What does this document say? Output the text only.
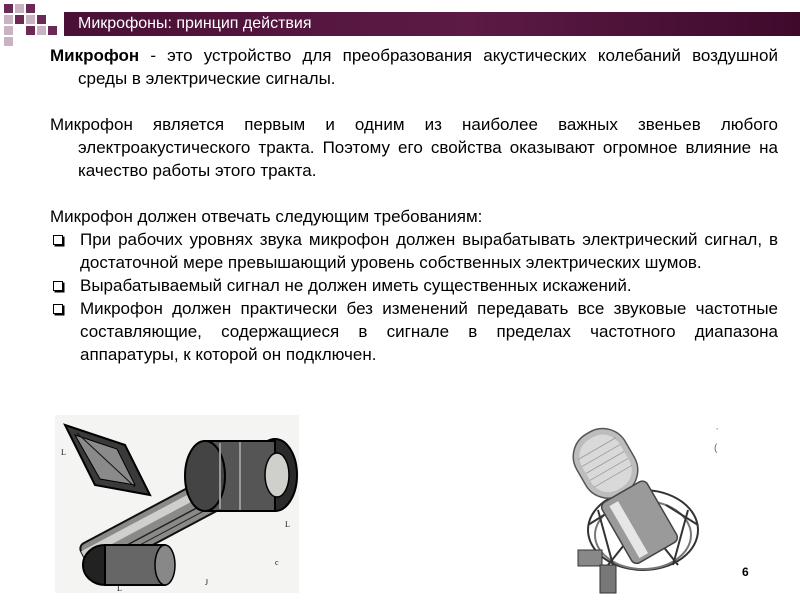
Микрофоны: принцип действия

Микрофон - это устройство для преобразования акустических колебаний воздушной среды в электрические сигналы.

Микрофон является первым и одним из наиболее важных звеньев любого электроакустического тракта. Поэтому его свойства оказывают огромное влияние на качество работы этого тракта.

Микрофон должен отвечать следующим требованиям:

При рабочих уровнях звука микрофон должен вырабатывать электрический сигнал, в достаточной мере превышающий уровень собственных электрических шумов.
Вырабатываемый сигнал не должен иметь существенных искажений.
Микрофон должен практически без изменений передавать все звуковые частотные составляющие, содержащиеся в сигнале в пределах частотного диапазона аппаратуры, к которой он подключен.
L
L
J
c
L
,
(
6
